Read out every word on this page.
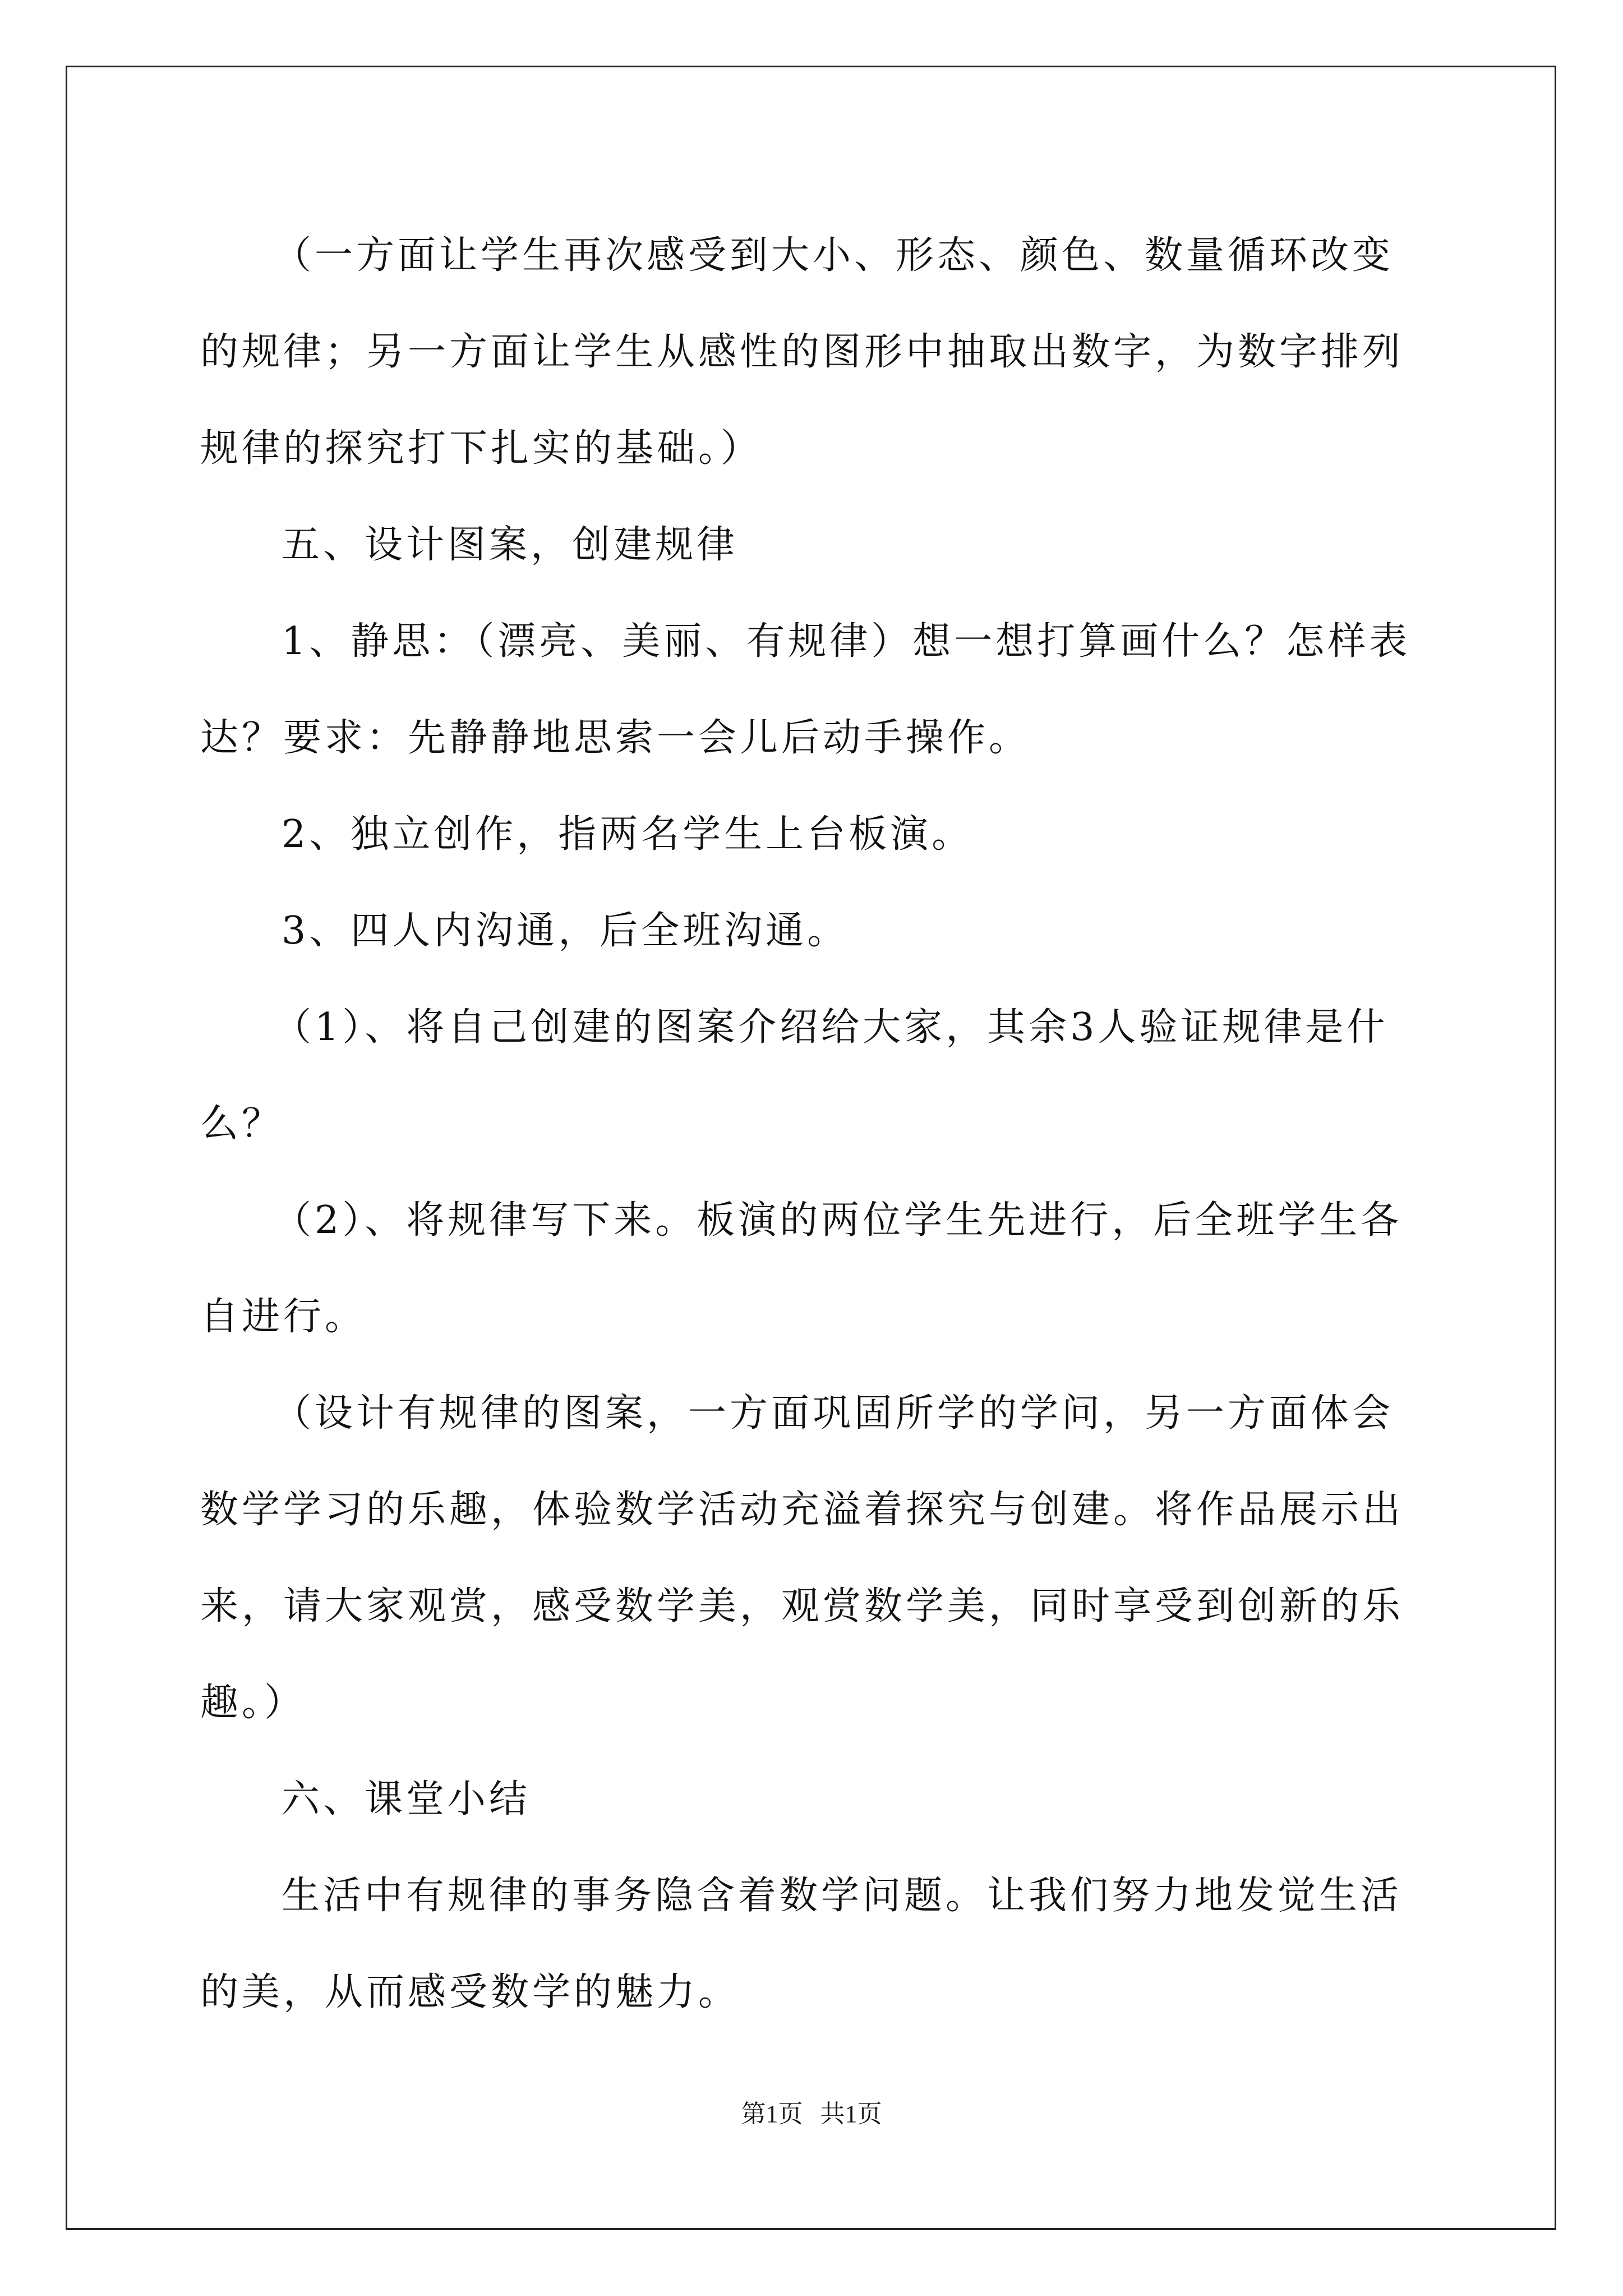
（一方面让学生再次感受到大小、形态、颜色、数量循环改变的规律；另一方面让学生从感性的图形中抽取出数字，为数字排列规律的探究打下扎实的基础。）

五、设计图案，创建规律

1、静思：（漂亮、美丽、有规律）想一想打算画什么？怎样表达？要求：先静静地思索一会儿后动手操作。

2、独立创作，指两名学生上台板演。

3、四人内沟通，后全班沟通。

（1）、将自己创建的图案介绍给大家，其余3人验证规律是什么？

（2）、将规律写下来。板演的两位学生先进行，后全班学生各自进行。

（设计有规律的图案，一方面巩固所学的学问，另一方面体会数学学习的乐趣，体验数学活动充溢着探究与创建。将作品展示出来，请大家观赏，感受数学美，观赏数学美，同时享受到创新的乐趣。）

六、课堂小结

生活中有规律的事务隐含着数学问题。让我们努力地发觉生活的美，从而感受数学的魅力。

第1页 共1页
